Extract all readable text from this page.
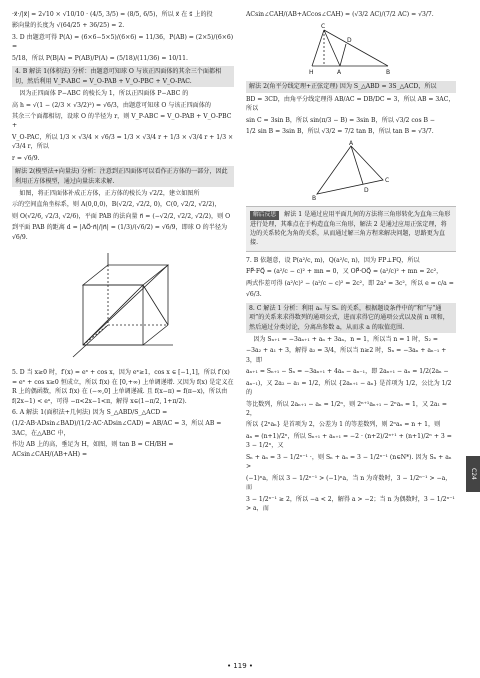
·x⃗·/|x⃗| = 2√10 × √10/10 · (4/5, 3/5) = (8/5, 6/5)，所以 x⃗ 在 s⃗ 上的投

影向量的长度为 √(64/25 + 36/25) = 2.

3. D 由题意可得 P(A) = (6×6−5×5)/(6×6) = 11/36，P(AB) = (2×5)/(6×6) =

5/18，所以 P(B|A) = P(AB)/P(A) = (5/18)/(11/36) = 10/11.

4. B 解法 1(体积法) 分析：由题意可知球 O 与该正四面体的其余三个面都相切，然后利用 V_P-ABC = V_O-PAB + V_O-PBC + V_O-PAC.

因为正四面体 P−ABC 的棱长为 1，所以正四面体 P−ABC 的

高 h = √(1 − (2/3 × √3/2)²) = √6/3，由题意可知球 O 与该正四面体的

其余三个面都相切，设球 O 的半径为 r，则 V_P-ABC = V_O-PAB + V_O-PBC +

V_O-PAC，所以 1/3 × √3/4 × √6/3 = 1/3 × √3/4 r + 1/3 × √3/4 r + 1/3 × √3/4 r，所以

r = √6/9.

解法 2(模型法+向量法) 分析：注意到正四面体可以看作正方体的一部分，因此利用正方体模型，通过向量法来求解.

如图，将正四面体补成正方体，正方体的棱长为 √2/2，建立如图所

示的空间直角坐标系，则 A(0,0,0)，B(√2/2, √2/2, 0)，C(0, √2/2, √2/2)，

则 O(√2/6, √2/3, √2/6)，平面 PAB 的法向量 n⃗ = (−√2/2, √2/2, √2/2)，则 O

到平面 PAB 的距离 d = |AO⃗·n⃗|/|n⃗| = (1/3)/(√6/2) = √6/9，即球 O 的半径为 √6/9.

5. D 当 x≥0 时，f′(x) = eˣ + cos x，因为 eˣ≥1，cos x ∈ [−1,1]，所以 f′(x) = eˣ + cos x≥0 恒成立，所以 f(x) 在 [0,+∞) 上单调递增. 又因为 f(x) 是定义在 R 上的偶函数，所以 f(x) 在 (−∞,0] 上单调递减. 且 f(x−π) = f(π−x)，所以由 f(2x−1) < eᵃ，可得 −π<2x−1<π，解得 x∈(1−π/2, 1+π/2).

6. A 解法 1(面积法+几何法) 因为 S_△ABD/S_△ACD =

(1/2·AB·ADsin∠BAD)/(1/2·AC·ADsin∠CAD) = AB/AC = 3，所以 AB = 3AC，在△ABC 中，

作边 AB 上的高，垂足为 H，如图，则 tan B = CH/BH = ACsin∠CAH/(AB+AH) =

ACsin∠CAH/(AB+ACcos∠CAH) = (√3/2 AC)/(7/2 AC) = √3/7.

C
D
H	A	B
解法 2(角平分线定理+正弦定理) 因为 S_△ABD = 3S_△ACD，所以

BD = 3CD，由角平分线定理得 AB/AC = DB/DC = 3，所以 AB = 3AC，所以

sin C = 3sin B，所以 sin(π/3 − B) = 3sin B，所以 √3/2 cos B −

1/2 sin B = 3sin B，所以 √3/2 = 7/2 tan B，所以 tan B = √3/7.

A
B
C
D
解后反思 解法 1 是通过应用平面几何的方法将三角形转化为直角三角形进行处理，其难点在于构造直角三角形，解法 2 是通过应用正弦定理，将边的关系转化为角的关系，从而通过解三角方程来解决问题，思路更为直接.

7. B 依题意，设 P(a²/c, m)，Q(a²/c, n)，因为 FP⊥FQ，所以

FP⃗·FQ⃗ = (a²/c − c)² + mn = 0，又 OP⃗·OQ⃗ = (a²/c)² + mn = 2c²，

两式作差可得 (a²/c)² − (a²/c − c)² = 2c²，即 2a² = 3c²，所以 e = c/a =

√6/3.

8. C 解法 1 分析：利用 aₙ 与 Sₙ 的关系，根据题设条件中的“和”与“通项”的关系来求得数列的通项公式，进而求得它的通项公式以及前 n 项和，然后通过分类讨论，分离出参数 a，从而求 a 的取值范围.

因为 Sₙ₊₁ = −3aₙ₊₁ + aₙ + 3aₙ，n = 1，所以当 n = 1 时，S₂ =

−3a₂ + a₁ + 3，解得 a₂ = 3/4，所以当 n≥2 时，Sₙ = −3aₙ + aₙ₋₁ + 3，即

aₙ₊₁ = Sₙ₊₁ − Sₙ = −3aₙ₊₁ + 4aₙ − aₙ₋₁，即 2aₙ₊₁ − aₙ = 1/2(2aₙ −

aₙ₋₁)，又 2a₂ − a₁ = 1/2，所以 {2aₙ₊₁ − aₙ} 是首项为 1/2，公比为 1/2 的

等比数列，所以 2aₙ₊₁ − aₙ = 1/2ⁿ，则 2ⁿ⁺¹aₙ₊₁ − 2ⁿaₙ = 1，又 2a₁ = 2，

所以 {2ⁿaₙ} 是首项为 2，公差为 1 的等差数列，则 2ⁿaₙ = n + 1，则

aₙ = (n+1)/2ⁿ，所以 Sₙ₊₁ + aₙ₊₁ = −2 · (n+2)/2ⁿ⁺¹ + (n+1)/2ⁿ + 3 = 3 − 1/2ⁿ，又

Sₙ + aₙ = 3 − 1/2ⁿ⁻¹ ·，则 Sₙ + aₙ = 3 − 1/2ⁿ⁻¹ (n∈N*). 因为 Sₙ + aₙ >

(−1)ⁿa，所以 3 − 1/2ⁿ⁻¹ > (−1)ⁿa，当 n 为奇数时，3 − 1/2ⁿ⁻¹ > −a，而

3 − 1/2ⁿ⁻¹ ≥ 2，所以 −a < 2，解得 a > −2；当 n 为偶数时，3 − 1/2ⁿ⁻¹ > a，而

C24
• 119 •
